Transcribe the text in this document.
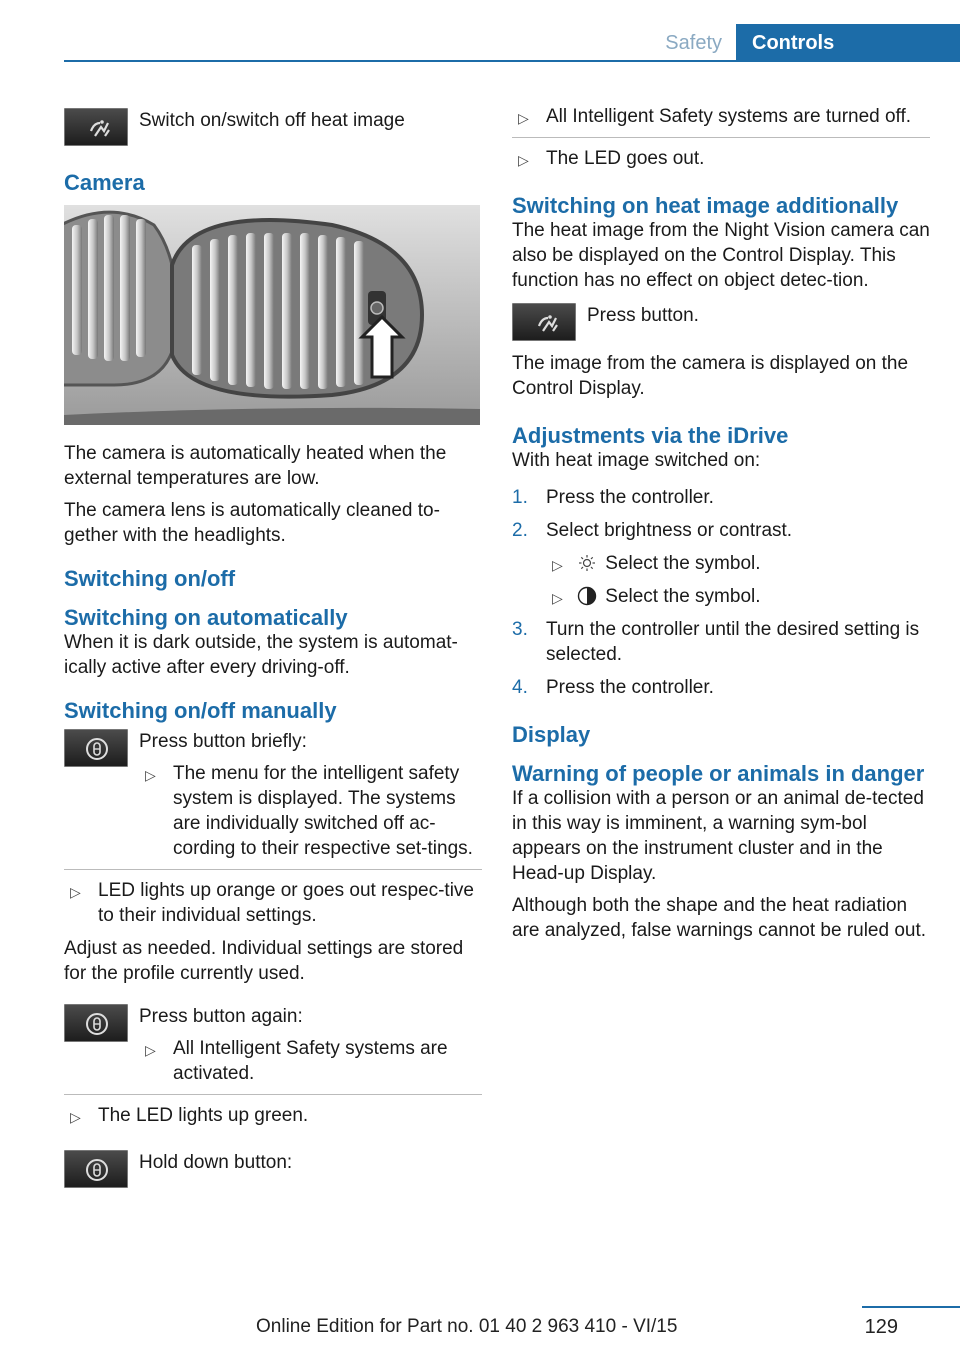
Safety	Controls
Switch on/switch off heat image
Camera

The camera is automatically heated when the external temperatures are low.

The camera lens is automatically cleaned to‐gether with the headlights.

Switching on/off
Switching on automatically

When it is dark outside, the system is automat‐ically active after every driving-off.

Switching on/off manually
Press button briefly:
▷ The menu for the intelligent safety system is displayed. The systems are individually switched off ac‐cording to their respective set‐tings.
▷ LED lights up orange or goes out respec‐tive to their individual settings.

Adjust as needed. Individual settings are stored for the profile currently used.

Press button again:
▷ All Intelligent Safety systems are activated.
▷ The LED lights up green.
Hold down button:
▷ All Intelligent Safety systems are turned off.
▷ The LED goes out.
Switching on heat image additionally

The heat image from the Night Vision camera can also be displayed on the Control Display. This function has no effect on object detec‐tion.

Press button.

The image from the camera is displayed on the Control Display.

Adjustments via the iDrive

With heat image switched on:

1. Press the controller.
2. Select brightness or contrast.
▷ Select the symbol.
▷ Select the symbol.
3. Turn the controller until the desired setting is selected.
4. Press the controller.
Display
Warning of people or animals in danger

If a collision with a person or an animal de‐tected in this way is imminent, a warning sym‐bol appears on the instrument cluster and in the Head-up Display.

Although both the shape and the heat radiation are analyzed, false warnings cannot be ruled out.

129
Online Edition for Part no. 01 40 2 963 410 - VI/15
